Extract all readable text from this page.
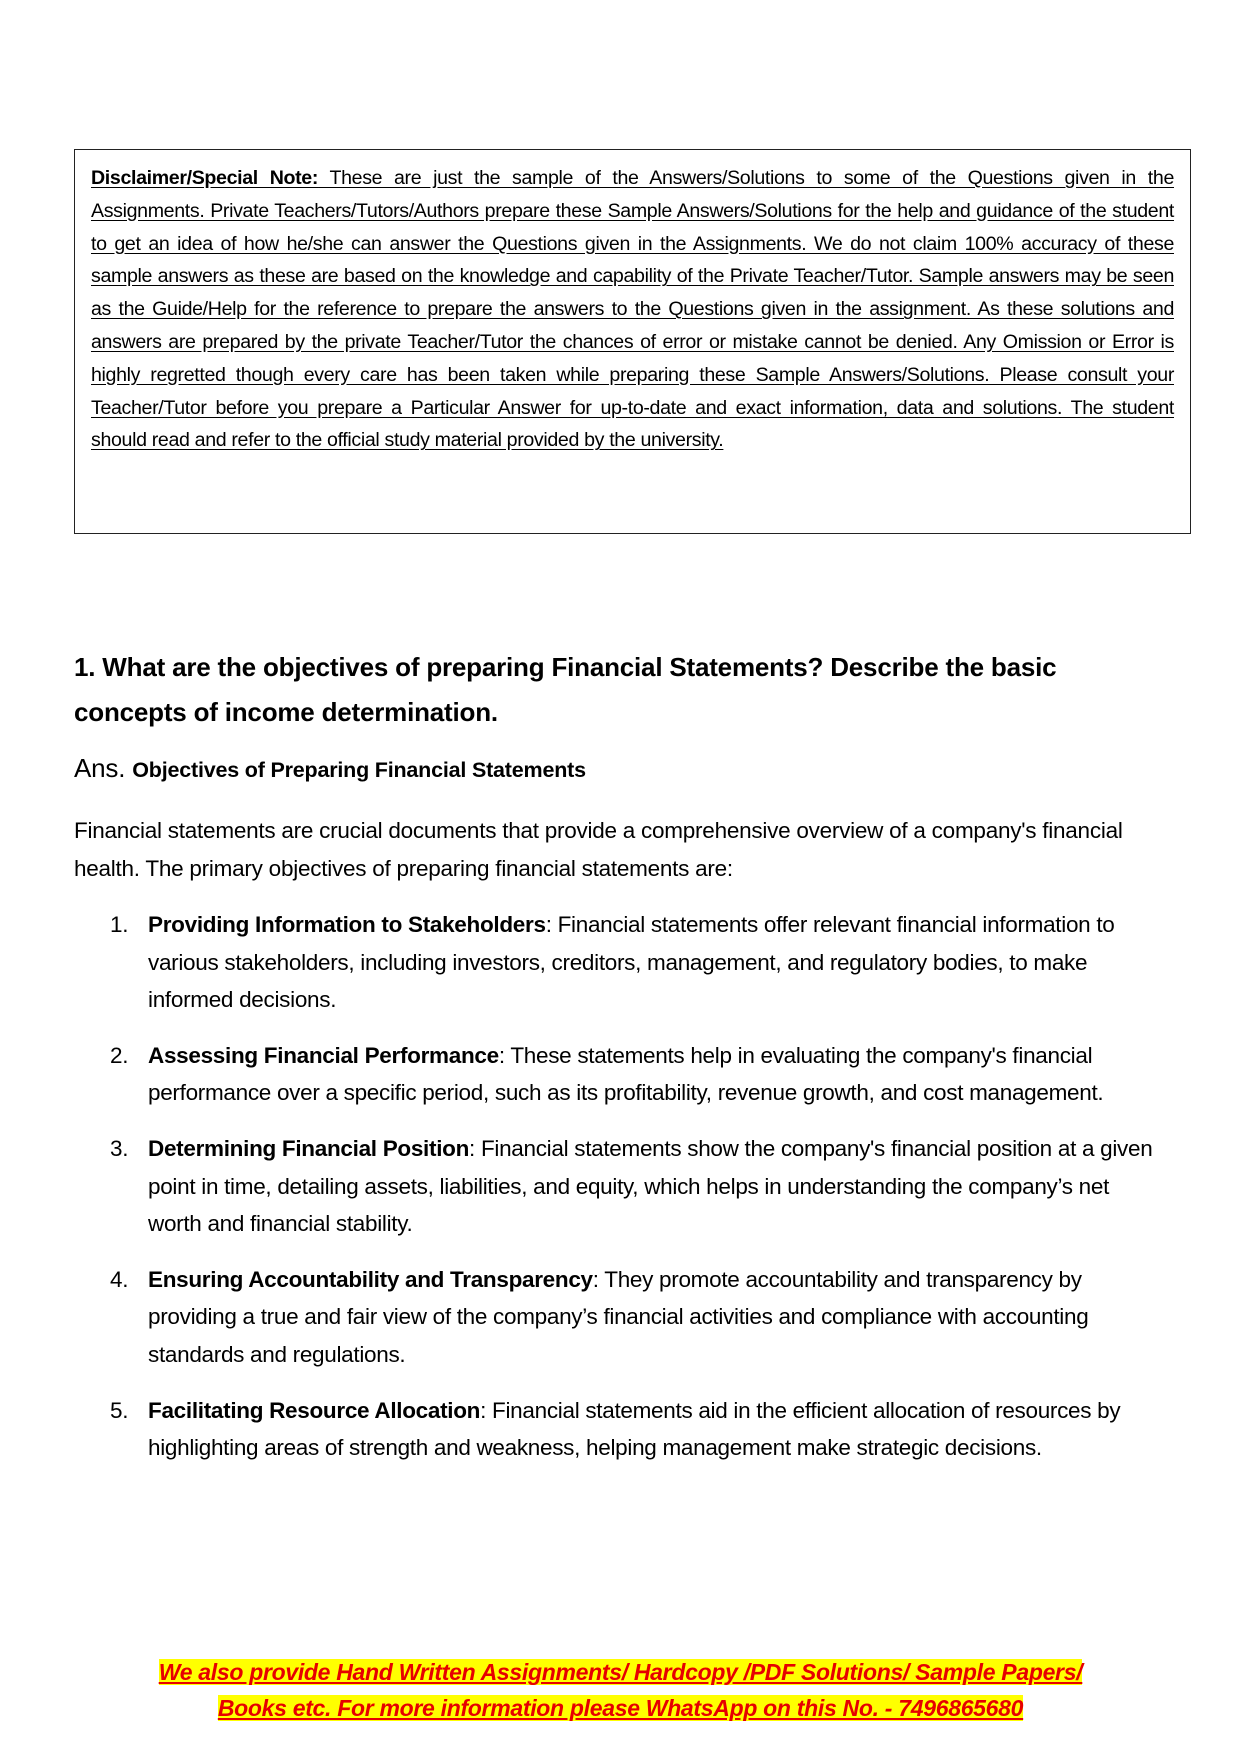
Disclaimer/Special Note: These are just the sample of the Answers/Solutions to some of the Questions given in the Assignments. Private Teachers/Tutors/Authors prepare these Sample Answers/Solutions for the help and guidance of the student to get an idea of how he/she can answer the Questions given in the Assignments. We do not claim 100% accuracy of these sample answers as these are based on the knowledge and capability of the Private Teacher/Tutor. Sample answers may be seen as the Guide/Help for the reference to prepare the answers to the Questions given in the assignment. As these solutions and answers are prepared by the private Teacher/Tutor the chances of error or mistake cannot be denied. Any Omission or Error is highly regretted though every care has been taken while preparing these Sample Answers/Solutions. Please consult your Teacher/Tutor before you prepare a Particular Answer for up-to-date and exact information, data and solutions. The student should read and refer to the official study material provided by the university.

1. What are the objectives of preparing Financial Statements? Describe the basic concepts of income determination.
Ans. Objectives of Preparing Financial Statements

Financial statements are crucial documents that provide a comprehensive overview of a company's financial health. The primary objectives of preparing financial statements are:

1. Providing Information to Stakeholders: Financial statements offer relevant financial information to various stakeholders, including investors, creditors, management, and regulatory bodies, to make informed decisions.
2. Assessing Financial Performance: These statements help in evaluating the company's financial performance over a specific period, such as its profitability, revenue growth, and cost management.
3. Determining Financial Position: Financial statements show the company's financial position at a given point in time, detailing assets, liabilities, and equity, which helps in understanding the company’s net worth and financial stability.
4. Ensuring Accountability and Transparency: They promote accountability and transparency by providing a true and fair view of the company’s financial activities and compliance with accounting standards and regulations.
5. Facilitating Resource Allocation: Financial statements aid in the efficient allocation of resources by highlighting areas of strength and weakness, helping management make strategic decisions.
We also provide Hand Written Assignments/ Hardcopy /PDF Solutions/ Sample Papers/
Books etc. For more information please WhatsApp on this No. - 7496865680
